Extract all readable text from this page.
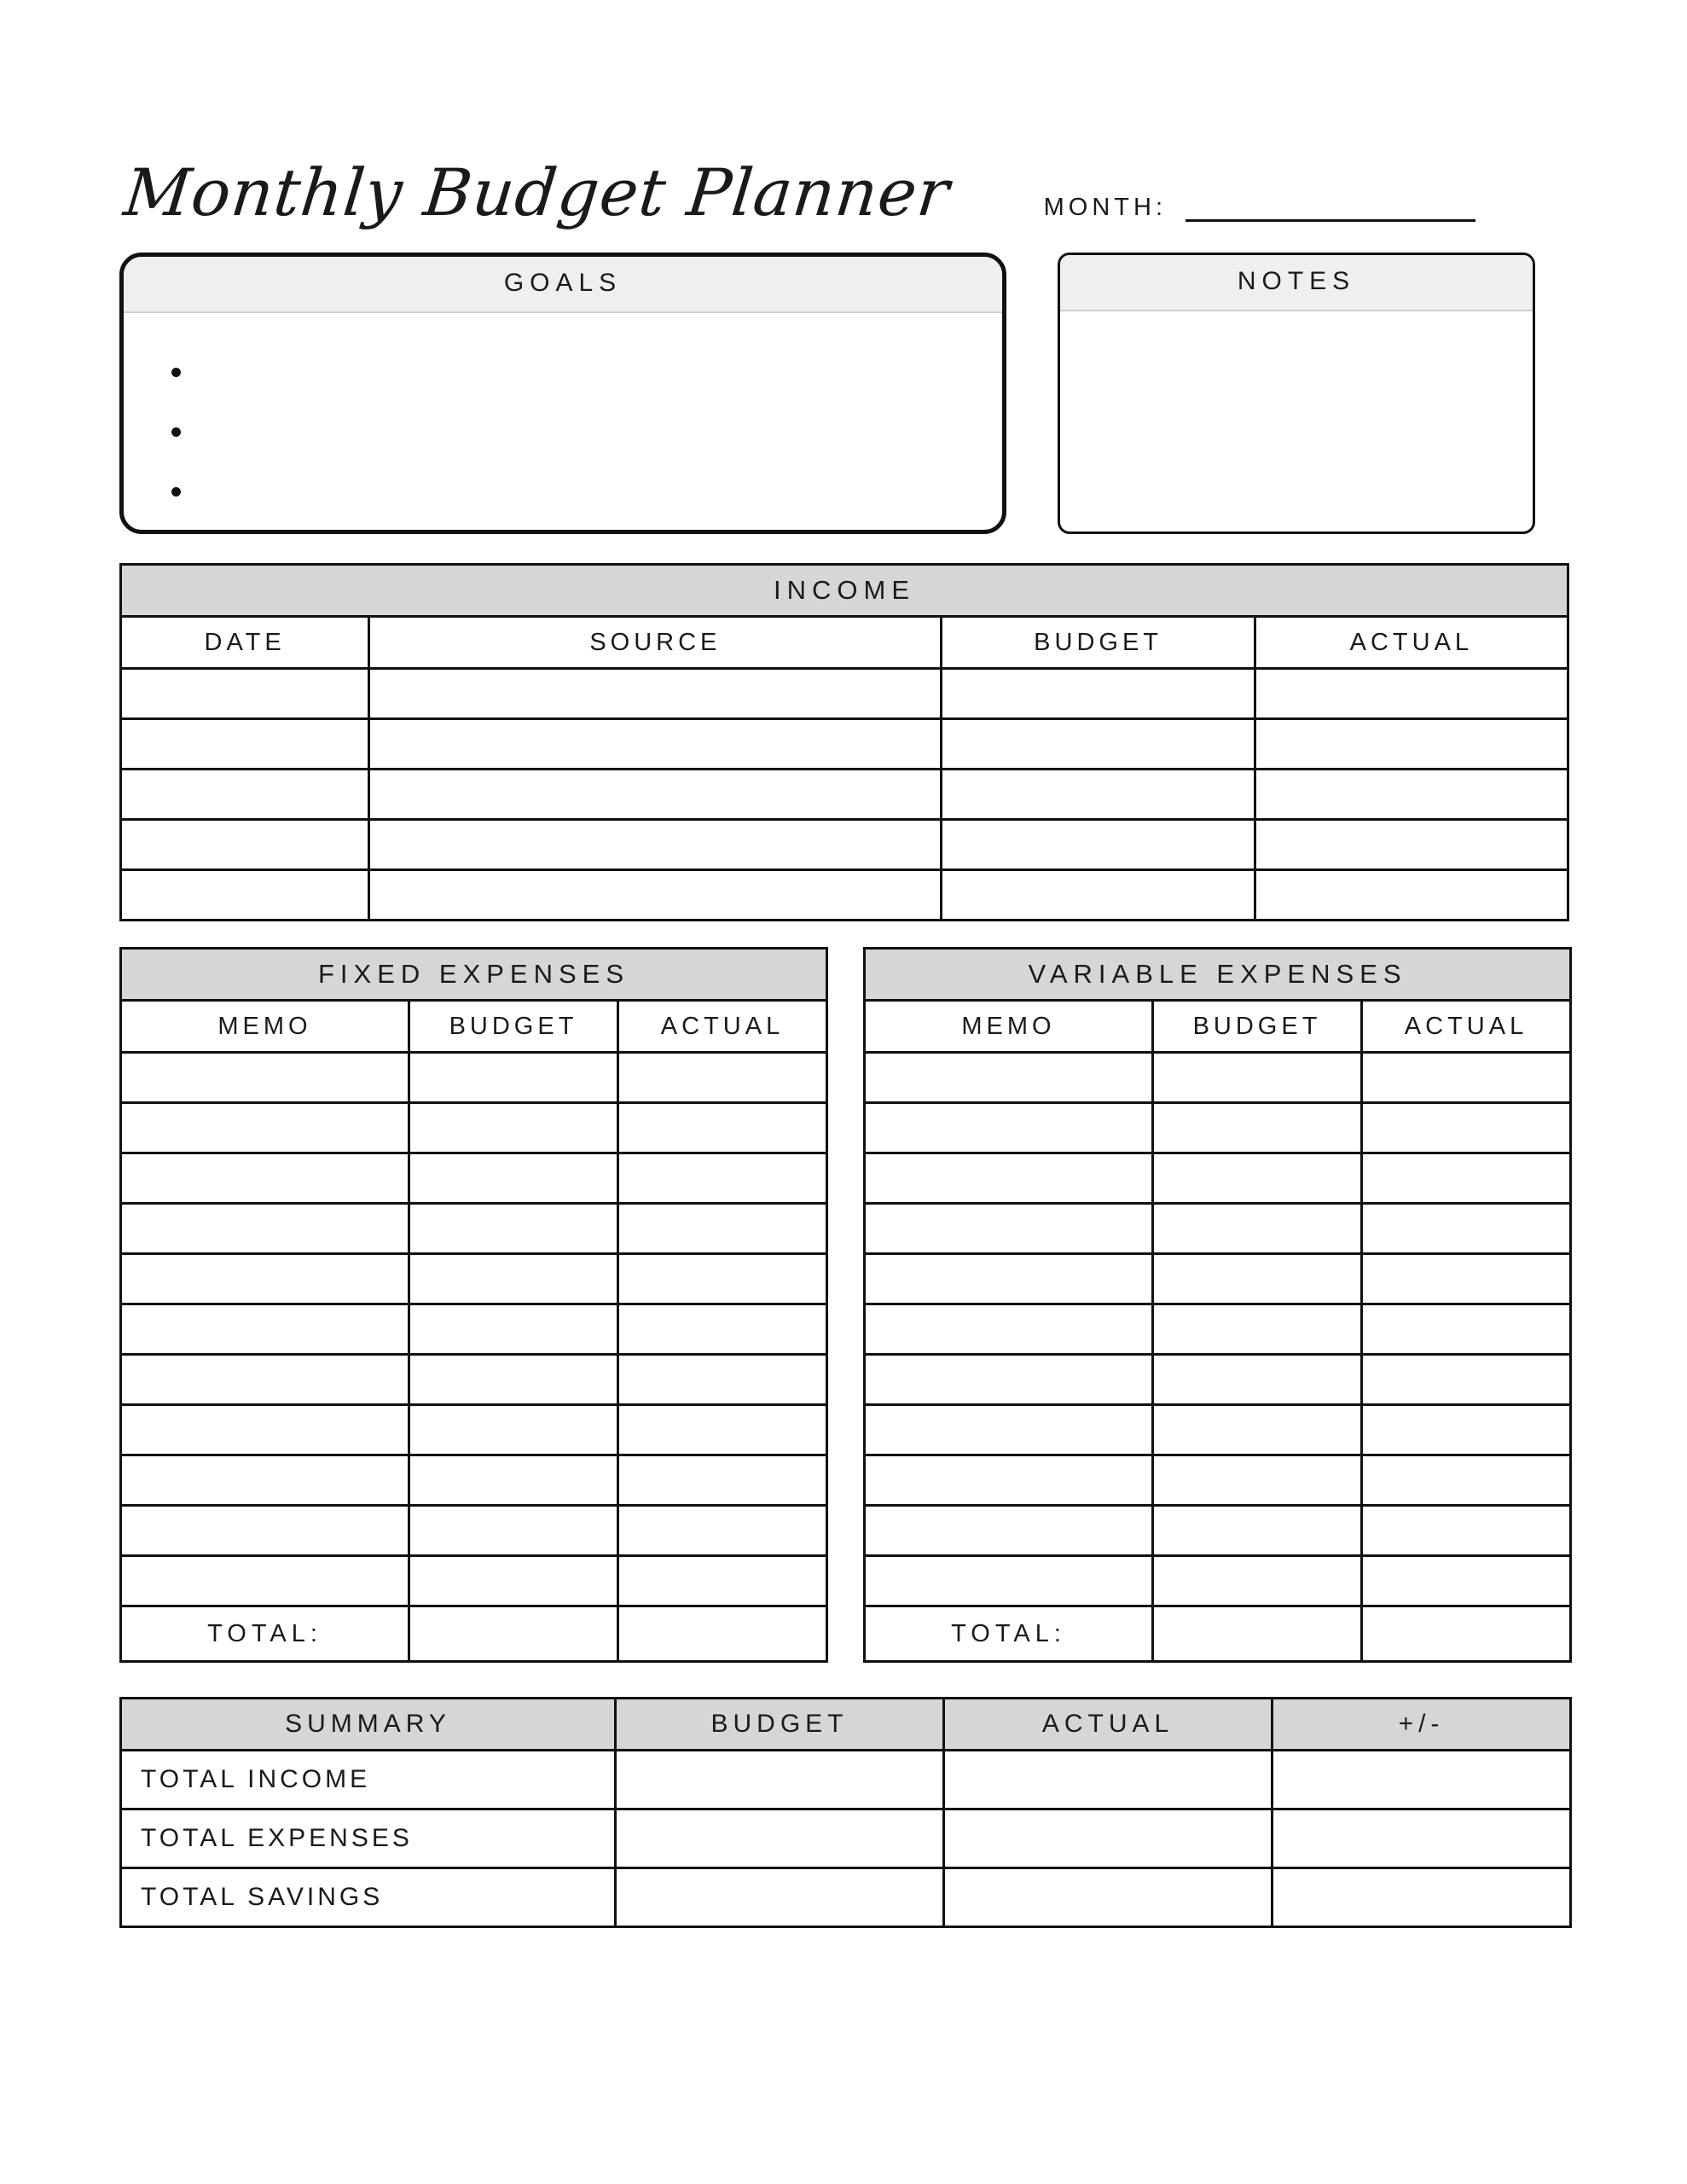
Monthly Budget Planner	MONTH:
GOALS	NOTES
INCOME			
DATE	SOURCE	BUDGET	ACTUAL

FIXED EXPENSES		
MEMO	BUDGET	ACTUAL

TOTAL:		
VARIABLE EXPENSES		
MEMO	BUDGET	ACTUAL

TOTAL:		
SUMMARY	BUDGET	ACTUAL	+/-
TOTAL INCOME			
TOTAL EXPENSES			
TOTAL SAVINGS			
